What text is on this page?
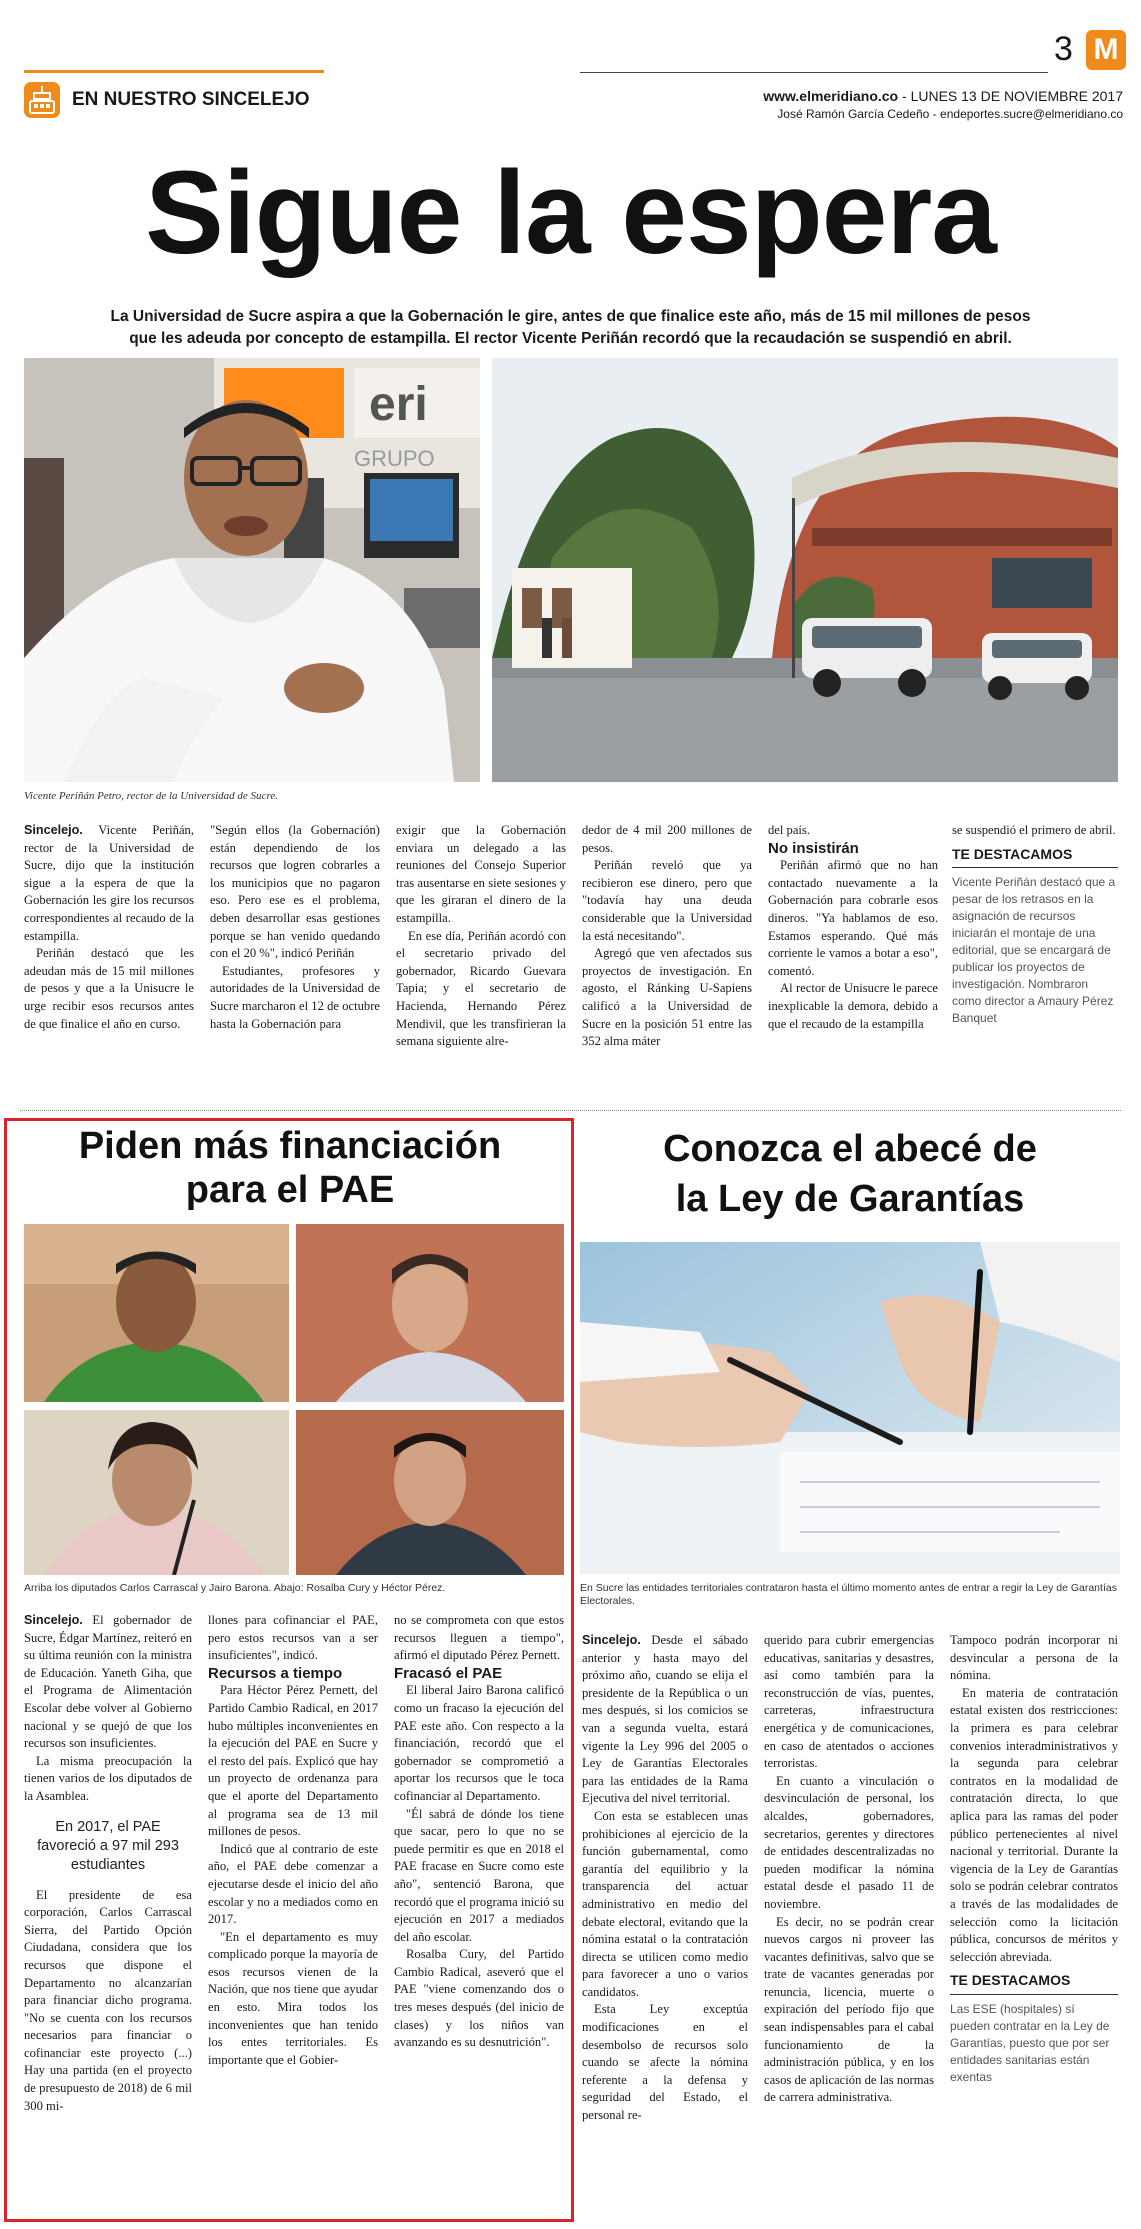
EN NUESTRO SINCELEJO
3 M
www.elmeridiano.co - LUNES 13 DE NOVIEMBRE 2017
José Ramón García Cedeño - endeportes.sucre@elmeridiano.co
Sigue la espera
La Universidad de Sucre aspira a que la Gobernación le gire, antes de que finalice este año, más de 15 mil millones de pesos
que les adeuda por concepto de estampilla. El rector Vicente Periñán recordó que la recaudación se suspendió en abril.
eri
GRUPO
Vicente Periñán Petro, rector de la Universidad de Sucre.

Sincelejo. Vicente Periñán, rector de la Universidad de Sucre, dijo que la institución sigue a la espera de que la Gobernación les gire los recursos correspondientes al recaudo de la estampilla.

Periñán destacó que les adeudan más de 15 mil millones de pesos y que a la Unisucre le urge recibir esos recursos antes de que finalice el año en curso.

"Según ellos (la Gobernación) están dependiendo de los recursos que logren cobrarles a los municipios que no pagaron eso. Pero ese es el problema, deben desarrollar esas gestiones porque se han venido quedando con el 20 %", indicó Periñán

Estudiantes, profesores y autoridades de la Universidad de Sucre marcharon el 12 de octubre hasta la Gobernación para

exigir que la Gobernación enviara un delegado a las reuniones del Consejo Superior tras ausentarse en siete sesiones y que les giraran el dinero de la estampilla.

En ese día, Periñán acordó con el secretario privado del gobernador, Ricardo Guevara Tapia; y el secretario de Hacienda, Hernando Pérez Mendivil, que les transfirieran la semana siguiente alre-

dedor de 4 mil 200 millones de pesos.

Periñán reveló que ya recibieron ese dinero, pero que "todavía hay una deuda considerable que la Universidad la está necesitando".

Agregó que ven afectados sus proyectos de investigación. En agosto, el Ránking U-Sapiens calificó a la Universidad de Sucre en la posición 51 entre las 352 alma máter

del país.

No insistirán

Periñán afirmó que no han contactado nuevamente a la Gobernación para cobrarle esos dineros. "Ya hablamos de eso. Estamos esperando. Qué más corriente le vamos a botar a eso", comentó.

Al rector de Unisucre le parece inexplicable la demora, debido a que el recaudo de la estampilla

se suspendió el primero de abril.

TE DESTACAMOS
Vicente Periñán destacó que a pesar de los retrasos en la asignación de recursos iniciarán el montaje de una editorial, que se encargará de publicar los proyectos de investigación. Nombraron como director a Amaury Pérez Banquet
Piden más financiación
para el PAE
Arriba los diputados Carlos Carrascal y Jairo Barona. Abajo: Rosalba Cury y Héctor Pérez.

Sincelejo. El gobernador de Sucre, Édgar Martínez, reiteró en su última reunión con la ministra de Educación. Yaneth Giha, que el Programa de Alimentación Escolar debe volver al Gobierno nacional y se quejó de que los recursos son insuficientes.

La misma preocupación la tienen varios de los diputados de la Asamblea.

En 2017, el PAE favoreció a 97 mil 293 estudiantes

El presidente de esa corporación, Carlos Carrascal Sierra, del Partido Opción Ciudadana, considera que los recursos que dispone el Departamento no alcanzarían para financiar dicho programa. "No se cuenta con los recursos necesarios para financiar o cofinanciar este proyecto (...) Hay una partida (en el proyecto de presupuesto de 2018) de 6 mil 300 mi-

llones para cofinanciar el PAE, pero estos recursos van a ser insuficientes", indicó.

Recursos a tiempo

Para Héctor Pérez Pernett, del Partido Cambio Radical, en 2017 hubo múltiples inconvenientes en la ejecución del PAE en Sucre y el resto del país. Explicó que hay un proyecto de ordenanza para que el aporte del Departamento al programa sea de 13 mil millones de pesos.

Indicó que al contrario de este año, el PAE debe comenzar a ejecutarse desde el inicio del año escolar y no a mediados como en 2017.

"En el departamento es muy complicado porque la mayoría de esos recursos vienen de la Nación, que nos tiene que ayudar en esto. Mira todos los inconvenientes que han tenido los entes territoriales. Es importante que el Gobier-

no se comprometa con que estos recursos lleguen a tiempo", afirmó el diputado Pérez Pernett.

Fracasó el PAE

El liberal Jairo Barona calificó como un fracaso la ejecución del PAE este año. Con respecto a la financiación, recordó que el gobernador se comprometió a aportar los recursos que le toca cofinanciar al Departamento.

"Él sabrá de dónde los tiene que sacar, pero lo que no se puede permitir es que en 2018 el PAE fracase en Sucre como este año", sentenció Barona, que recordó que el programa inició su ejecución en 2017 a mediados del año escolar.

Rosalba Cury, del Partido Cambio Radical, aseveró que el PAE "viene comenzando dos o tres meses después (del inicio de clases) y los niños van avanzando es su desnutrición".

Conozca el abecé de
la Ley de Garantías
En Sucre las entidades territoriales contrataron hasta el último momento antes de entrar a regir la Ley de Garantías Electorales.

Sincelejo. Desde el sábado anterior y hasta mayo del próximo año, cuando se elija el presidente de la República o un mes después, si los comicios se van a segunda vuelta, estará vigente la Ley 996 del 2005 o Ley de Garantías Electorales para las entidades de la Rama Ejecutiva del nivel territorial.

Con esta se establecen unas prohibiciones al ejercicio de la función gubernamental, como garantía del equilibrio y la transparencia del actuar administrativo en medio del debate electoral, evitando que la nómina estatal o la contratación directa se utilicen como medio para favorecer a uno o varios candidatos.

Esta Ley exceptúa modificaciones en el desembolso de recursos solo cuando se afecte la nómina referente a la defensa y seguridad del Estado, el personal re-

querido para cubrir emergencias educativas, sanitarias y desastres, así como también para la reconstrucción de vías, puentes, carreteras, infraestructura energética y de comunicaciones, en caso de atentados o acciones terroristas.

En cuanto a vinculación o desvinculación de personal, los alcaldes, gobernadores, secretarios, gerentes y directores de entidades descentralizadas no pueden modificar la nómina estatal desde el pasado 11 de noviembre.

Es decir, no se podrán crear nuevos cargos ni proveer las vacantes definitivas, salvo que se trate de vacantes generadas por renuncia, licencia, muerte o expiración del período fijo que sean indispensables para el cabal funcionamiento de la administración pública, y en los casos de aplicación de las normas de carrera administrativa.

Tampoco podrán incorporar ni desvincular a persona de la nómina.

En materia de contratación estatal existen dos restricciones: la primera es para celebrar convenios interadministrativos y la segunda para celebrar contratos en la modalidad de contratación directa, lo que aplica para las ramas del poder público pertenecientes al nivel nacional y territorial. Durante la vigencia de la Ley de Garantías solo se podrán celebrar contratos a través de las modalidades de selección como la licitación pública, concursos de méritos y selección abreviada.

TE DESTACAMOS
Las ESE (hospitales) sí pueden contratar en la Ley de Garantías, puesto que por ser entidades sanitarias están exentas
